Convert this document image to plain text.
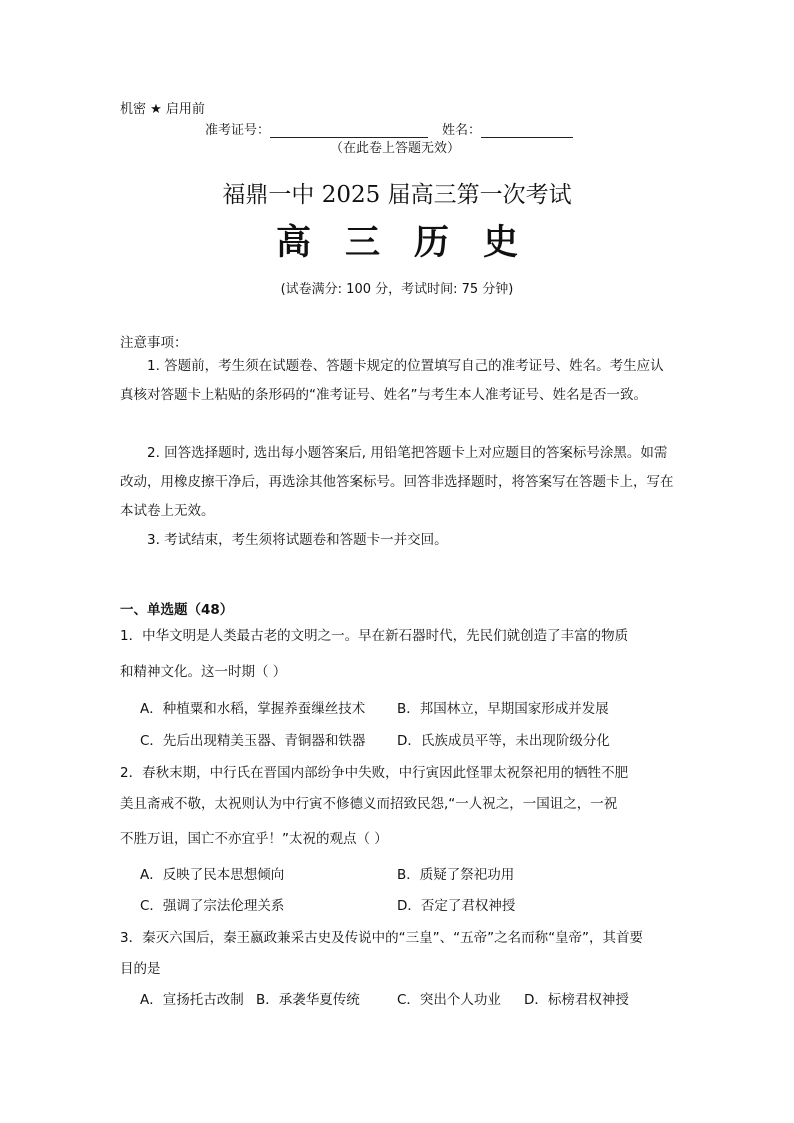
机密 ★ 启用前
准考证号：	姓名：
（在此卷上答题无效）
福鼎一中 2025 届高三第一次考试
高三历史
(试卷满分: 100 分，考试时间: 75 分钟)
注意事项：
1. 答题前，考生须在试题卷、答题卡规定的位置填写自己的准考证号、姓名。考生应认真核对答题卡上粘贴的条形码的“准考证号、姓名”与考生本人准考证号、姓名是否一致。
2. 回答选择题时, 选出每小题答案后, 用铅笔把答题卡上对应题目的答案标号涂黑。如需改动，用橡皮擦干净后，再选涂其他答案标号。回答非选择题时，将答案写在答题卡上，写在本试卷上无效。
3. 考试结束，考生须将试题卷和答题卡一并交回。
一、单选题（48）
1．中华文明是人类最古老的文明之一。早在新石器时代，先民们就创造了丰富的物质
和精神文化。这一时期（ ）
A．种植粟和水稻，掌握养蚕缫丝技术 B．邦国林立，早期国家形成并发展
C．先后出现精美玉器、青铜器和铁器 D．氏族成员平等，未出现阶级分化
2．春秋末期，中行氏在晋国内部纷争中失败，中行寅因此怪罪太祝祭祀用的牺牲不肥
美且斋戒不敬，太祝则认为中行寅不修德义而招致民怨,“一人祝之，一国诅之，一祝
不胜万诅，国亡不亦宜乎！”太祝的观点（ ）
A．反映了民本思想倾向	B．质疑了祭祀功用
C．强调了宗法伦理关系	D．否定了君权神授
3．秦灭六国后，秦王嬴政兼采古史及传说中的“三皇”、“五帝”之名而称“皇帝”，其首要
目的是
A．宣扬托古改制 B．承袭华夏传统	C．突出个人功业 D．标榜君权神授
